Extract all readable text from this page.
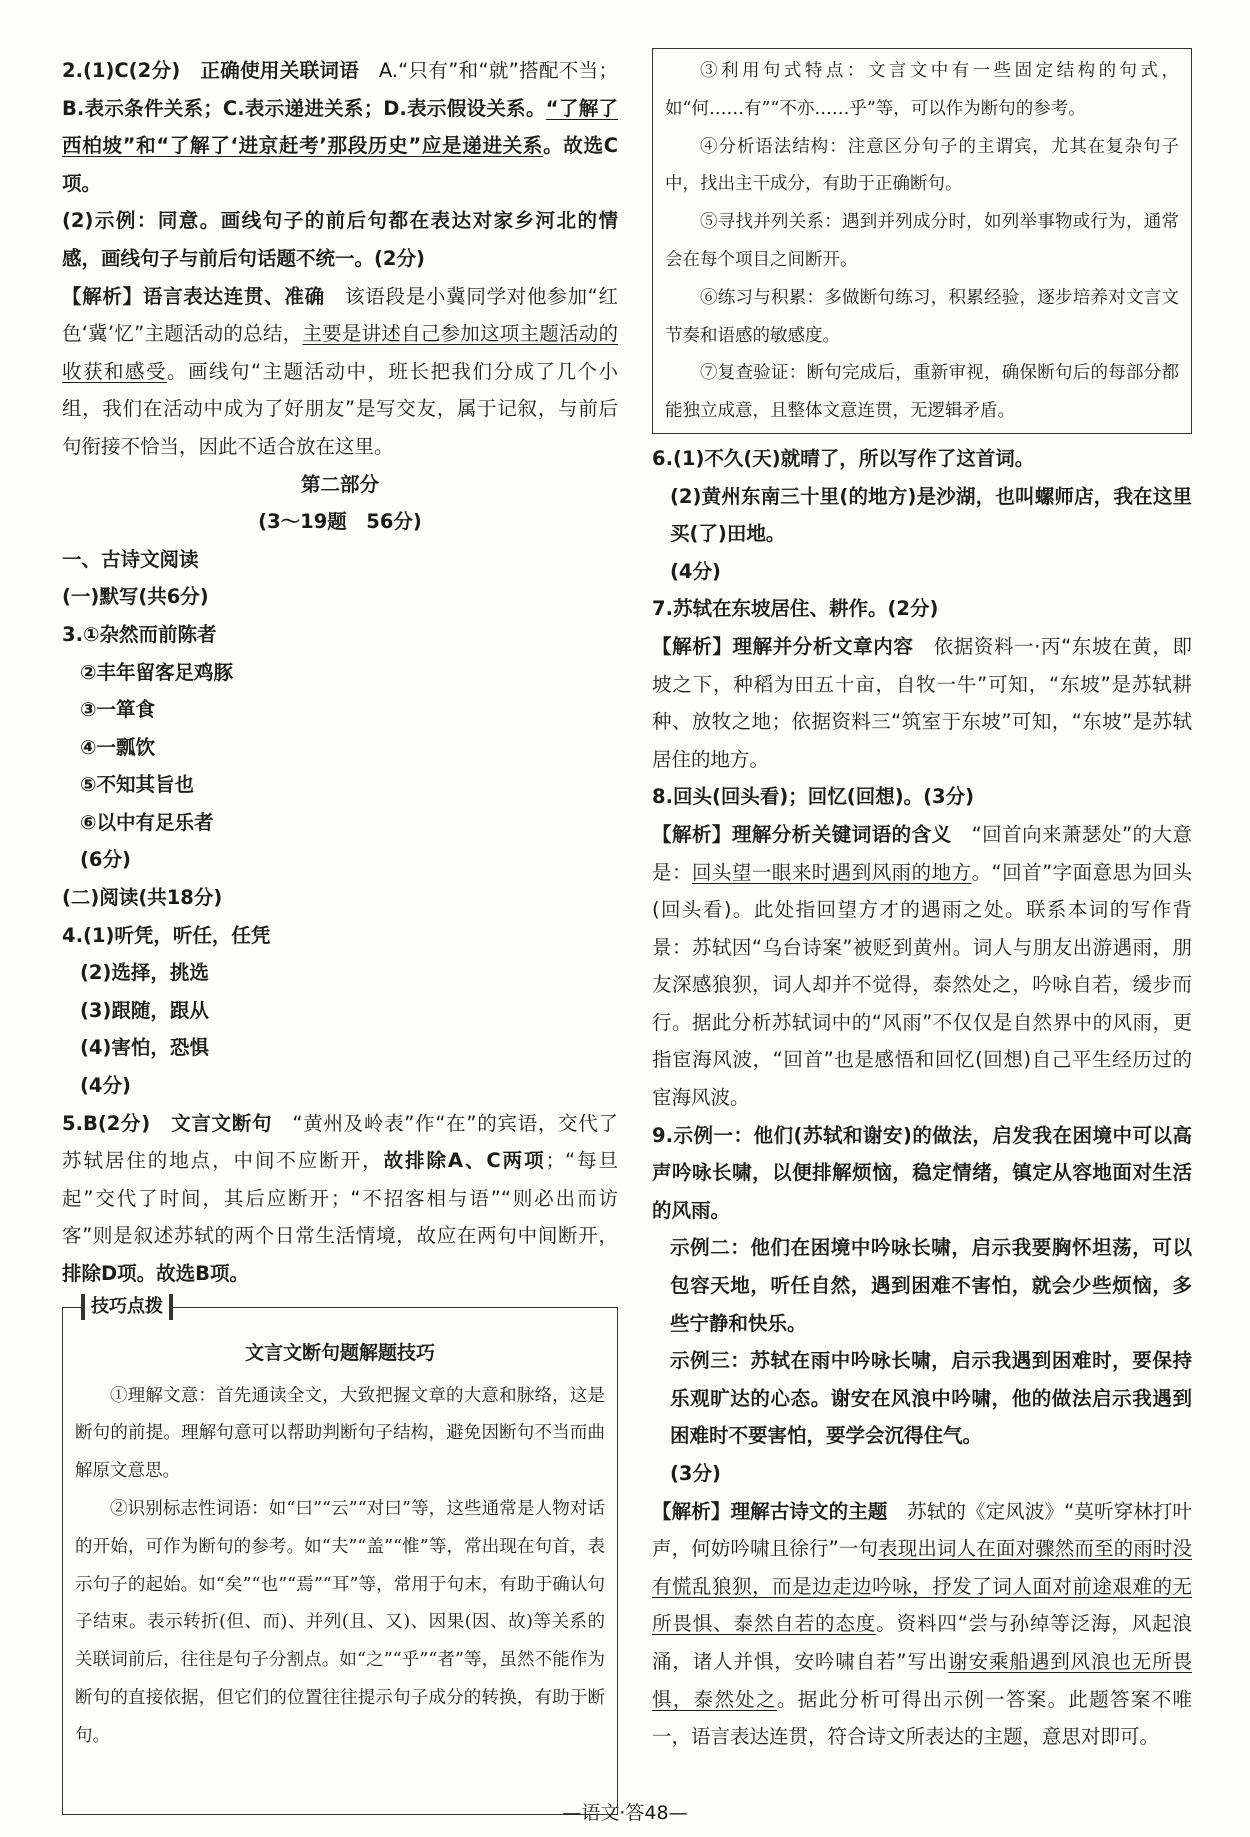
2.(1)C(2分)　正确使用关联词语　A.“只有”和“就”搭配不当；B.表示条件关系；C.表示递进关系；D.表示假设关系。“了解了西柏坡”和“了解了‘进京赶考’那段历史”应是递进关系。故选C项。

(2)示例：同意。画线句子的前后句都在表达对家乡河北的情感，画线句子与前后句话题不统一。(2分)

【解析】语言表达连贯、准确　该语段是小冀同学对他参加“红色‘冀’忆”主题活动的总结，主要是讲述自己参加这项主题活动的收获和感受。画线句“主题活动中，班长把我们分成了几个小组，我们在活动中成为了好朋友”是写交友，属于记叙，与前后句衔接不恰当，因此不适合放在这里。

第二部分

(3～19题　56分)

一、古诗文阅读

(一)默写(共6分)

3.①杂然而前陈者

②丰年留客足鸡豚

③一箪食

④一瓢饮

⑤不知其旨也

⑥以中有足乐者

(6分)

(二)阅读(共18分)

4.(1)听凭，听任，任凭

(2)选择，挑选

(3)跟随，跟从

(4)害怕，恐惧

(4分)

5.B(2分)　文言文断句　“黄州及岭表”作“在”的宾语，交代了苏轼居住的地点，中间不应断开，故排除A、C两项；“每旦起”交代了时间，其后应断开；“不招客相与语”“则必出而访客”则是叙述苏轼的两个日常生活情境，故应在两句中间断开，排除D项。故选B项。

技巧点拨

文言文断句题解题技巧

①理解文意：首先通读全文，大致把握文章的大意和脉络，这是断句的前提。理解句意可以帮助判断句子结构，避免因断句不当而曲解原文意思。

②识别标志性词语：如“曰”“云”“对曰”等，这些通常是人物对话的开始，可作为断句的参考。如“夫”“盖”“惟”等，常出现在句首，表示句子的起始。如“矣”“也”“焉”“耳”等，常用于句末，有助于确认句子结束。表示转折(但、而)、并列(且、又)、因果(因、故)等关系的关联词前后，往往是句子分割点。如“之”“乎”“者”等，虽然不能作为断句的直接依据，但它们的位置往往提示句子成分的转换，有助于断句。

③利用句式特点：文言文中有一些固定结构的句式，如“何……有”“不亦……乎”等，可以作为断句的参考。

④分析语法结构：注意区分句子的主谓宾，尤其在复杂句子中，找出主干成分，有助于正确断句。

⑤寻找并列关系：遇到并列成分时，如列举事物或行为，通常会在每个项目之间断开。

⑥练习与积累：多做断句练习，积累经验，逐步培养对文言文节奏和语感的敏感度。

⑦复查验证：断句完成后，重新审视，确保断句后的每部分都能独立成意，且整体文意连贯，无逻辑矛盾。

6.(1)不久(天)就晴了，所以写作了这首词。

(2)黄州东南三十里(的地方)是沙湖，也叫螺师店，我在这里买(了)田地。

(4分)

7.苏轼在东坡居住、耕作。(2分)

【解析】理解并分析文章内容　依据资料一·丙“东坡在黄，即坡之下，种稻为田五十亩，自牧一牛”可知，“东坡”是苏轼耕种、放牧之地；依据资料三“筑室于东坡”可知，“东坡”是苏轼居住的地方。

8.回头(回头看)；回忆(回想)。(3分)

【解析】理解分析关键词语的含义　“回首向来萧瑟处”的大意是：回头望一眼来时遇到风雨的地方。“回首”字面意思为回头(回头看)。此处指回望方才的遇雨之处。联系本词的写作背景：苏轼因“乌台诗案”被贬到黄州。词人与朋友出游遇雨，朋友深感狼狈，词人却并不觉得，泰然处之，吟咏自若，缓步而行。据此分析苏轼词中的“风雨”不仅仅是自然界中的风雨，更指宦海风波，“回首”也是感悟和回忆(回想)自己平生经历过的宦海风波。

9.示例一：他们(苏轼和谢安)的做法，启发我在困境中可以高声吟咏长啸，以便排解烦恼，稳定情绪，镇定从容地面对生活的风雨。

示例二：他们在困境中吟咏长啸，启示我要胸怀坦荡，可以包容天地，听任自然，遇到困难不害怕，就会少些烦恼，多些宁静和快乐。

示例三：苏轼在雨中吟咏长啸，启示我遇到困难时，要保持乐观旷达的心态。谢安在风浪中吟啸，他的做法启示我遇到困难时不要害怕，要学会沉得住气。

(3分)

【解析】理解古诗文的主题　苏轼的《定风波》“莫听穿林打叶声，何妨吟啸且徐行”一句表现出词人在面对骤然而至的雨时没有慌乱狼狈，而是边走边吟咏，抒发了词人面对前途艰难的无所畏惧、泰然自若的态度。资料四“尝与孙绰等泛海，风起浪涌，诸人并惧，安吟啸自若”写出谢安乘船遇到风浪也无所畏惧，泰然处之。据此分析可得出示例一答案。此题答案不唯一，语言表达连贯，符合诗文所表达的主题，意思对即可。

—语文·答48—
